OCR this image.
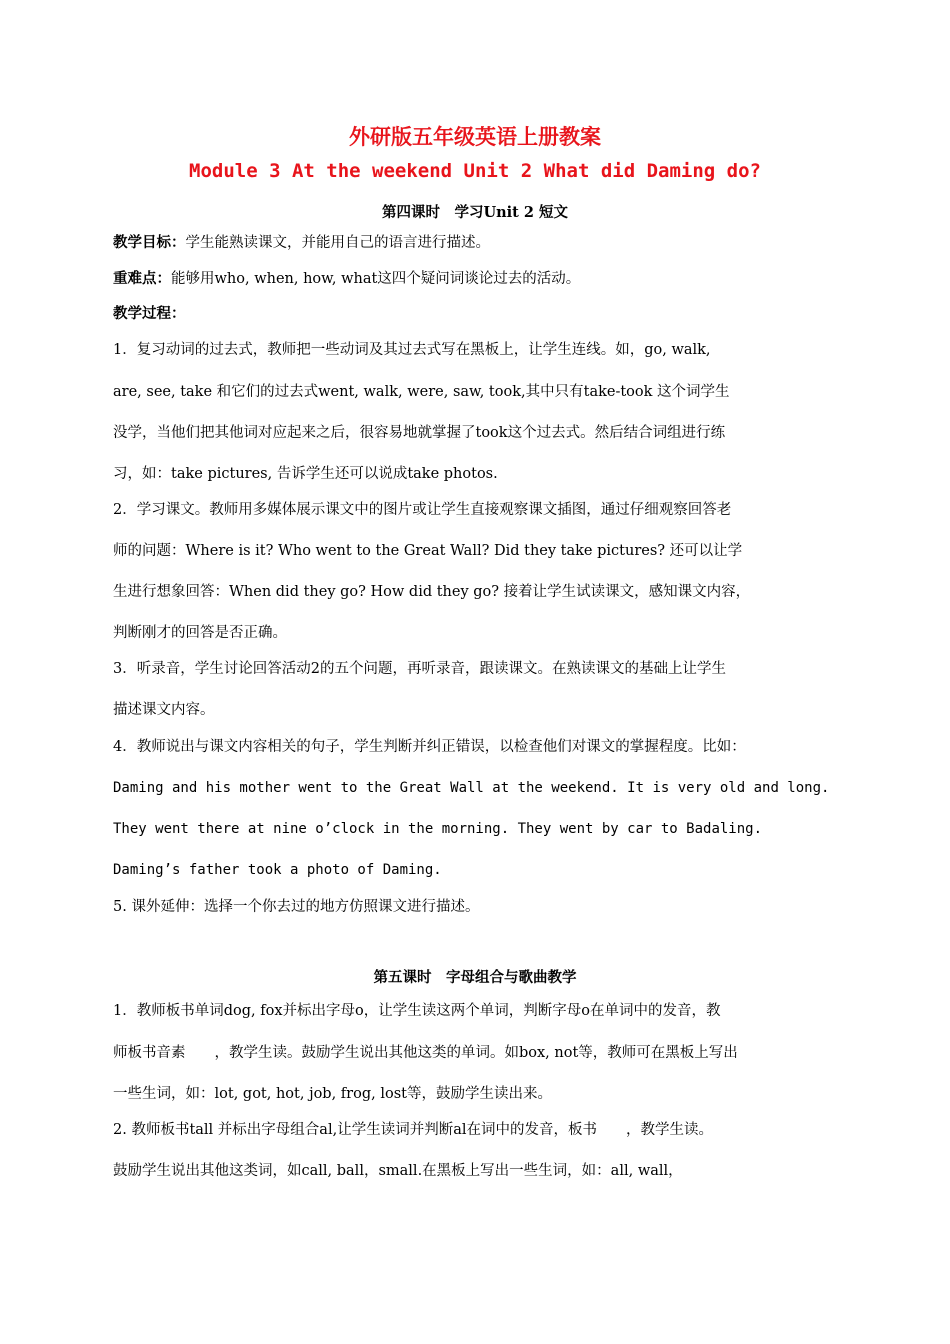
外研版五年级英语上册教案
Module 3 At the weekend Unit 2 What did Daming do?
第四课时　学习Unit 2 短文
教学目标：学生能熟读课文，并能用自己的语言进行描述。
重难点：能够用who, when, how, what这四个疑问词谈论过去的活动。
教学过程：
1．复习动词的过去式，教师把一些动词及其过去式写在黑板上，让学生连线。如，go, walk,
are, see, take 和它们的过去式went, walk, were, saw, took,其中只有take-took 这个词学生
没学，当他们把其他词对应起来之后，很容易地就掌握了took这个过去式。然后结合词组进行练
习，如：take pictures, 告诉学生还可以说成take photos.
2．学习课文。教师用多媒体展示课文中的图片或让学生直接观察课文插图，通过仔细观察回答老
师的问题：Where is it? Who went to the Great Wall? Did they take pictures? 还可以让学
生进行想象回答：When did they go? How did they go? 接着让学生试读课文，感知课文内容，
判断刚才的回答是否正确。
3．听录音，学生讨论回答活动2的五个问题，再听录音，跟读课文。在熟读课文的基础上让学生
描述课文内容。
4．教师说出与课文内容相关的句子，学生判断并纠正错误，以检查他们对课文的掌握程度。比如：
Daming and his mother went to the Great Wall at the weekend. It is very old and long.
They went there at nine o’clock in the morning. They went by car to Badaling.
Daming’s father took a photo of Daming.
5. 课外延伸：选择一个你去过的地方仿照课文进行描述。
第五课时　字母组合与歌曲教学
1．教师板书单词dog, fox并标出字母o，让学生读这两个单词，判断字母o在单词中的发音，教
师板书音素　　，教学生读。鼓励学生说出其他这类的单词。如box, not等，教师可在黑板上写出
一些生词，如：lot, got, hot, job, frog, lost等，鼓励学生读出来。
2. 教师板书tall 并标出字母组合al,让学生读词并判断al在词中的发音，板书　　，教学生读。
鼓励学生说出其他这类词，如call, ball，small.在黑板上写出一些生词，如：all, wall，
